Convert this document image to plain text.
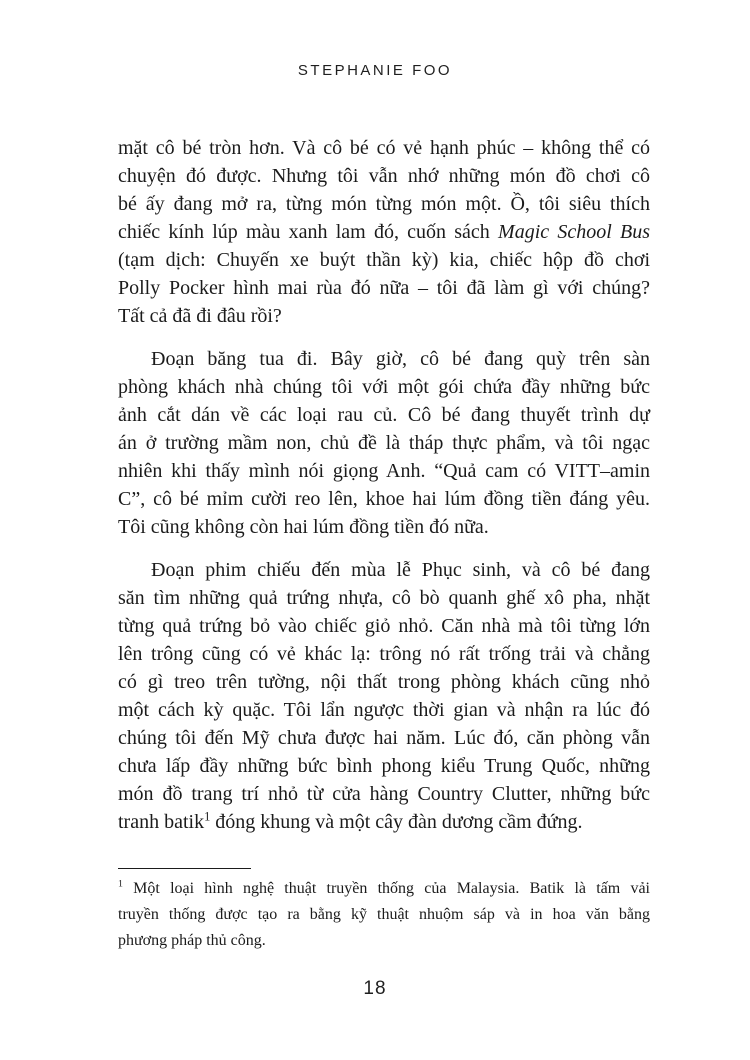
STEPHANIE FOO
mặt cô bé tròn hơn. Và cô bé có vẻ hạnh phúc – không thể có
chuyện đó được. Nhưng tôi vẫn nhớ những món đồ chơi cô
bé ấy đang mở ra, từng món từng món một. Ồ, tôi siêu thích
chiếc kính lúp màu xanh lam đó, cuốn sách Magic School Bus
(tạm dịch: Chuyến xe buýt thần kỳ) kia, chiếc hộp đồ chơi
Polly Pocker hình mai rùa đó nữa – tôi đã làm gì với chúng?
Tất cả đã đi đâu rồi?
Đoạn băng tua đi. Bây giờ, cô bé đang quỳ trên sàn
phòng khách nhà chúng tôi với một gói chứa đầy những bức
ảnh cắt dán về các loại rau củ. Cô bé đang thuyết trình dự
án ở trường mầm non, chủ đề là tháp thực phẩm, và tôi ngạc
nhiên khi thấy mình nói giọng Anh. “Quả cam có VITT–amin
C”, cô bé mỉm cười reo lên, khoe hai lúm đồng tiền đáng yêu.
Tôi cũng không còn hai lúm đồng tiền đó nữa.
Đoạn phim chiếu đến mùa lễ Phục sinh, và cô bé đang
săn tìm những quả trứng nhựa, cô bò quanh ghế xô pha, nhặt
từng quả trứng bỏ vào chiếc giỏ nhỏ. Căn nhà mà tôi từng lớn
lên trông cũng có vẻ khác lạ: trông nó rất trống trải và chẳng
có gì treo trên tường, nội thất trong phòng khách cũng nhỏ
một cách kỳ quặc. Tôi lẩn ngược thời gian và nhận ra lúc đó
chúng tôi đến Mỹ chưa được hai năm. Lúc đó, căn phòng vẫn
chưa lấp đầy những bức bình phong kiểu Trung Quốc, những
món đồ trang trí nhỏ từ cửa hàng Country Clutter, những bức
tranh batik$^1$ đóng khung và một cây đàn dương cầm đứng.
$^1$ Một loại hình nghệ thuật truyền thống của Malaysia. Batik là tấm vải
truyền thống được tạo ra bằng kỹ thuật nhuộm sáp và in hoa văn bằng
phương pháp thủ công.
18
